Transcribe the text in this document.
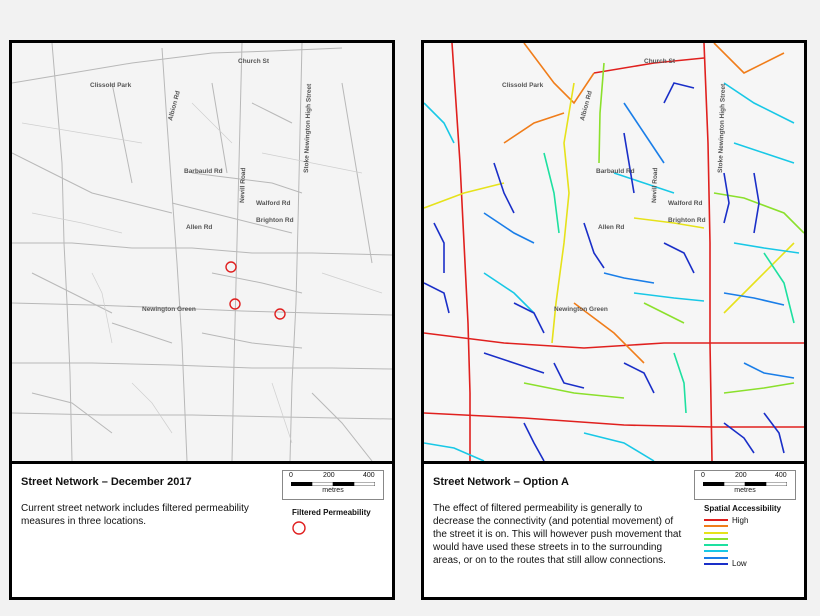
Church St
Clissold Park
Albion Rd	Stoke Newington High Street
Barbauld Rd	Nevill Road
Walford Rd
Brighton Rd
Allen Rd
Newington Green
Street Network – December 2017
Current street network includes filtered permeability measures in three locations.
0	200	400
metres
Filtered Permeability
Church St
Clissold Park
Albion Rd	Stoke Newington High Street
Barbauld Rd	Nevill Road
Walford Rd
Brighton Rd
Allen Rd
Newington Green
Street Network – Option A
The effect of filtered permeability is generally to decrease the connectivity (and potential movement) of the street it is on. This will however push movement that would have used these streets in to the surrounding areas, or on to the routes that still allow connections.
0	200	400
metres
Spatial Accessibility
High
Low
